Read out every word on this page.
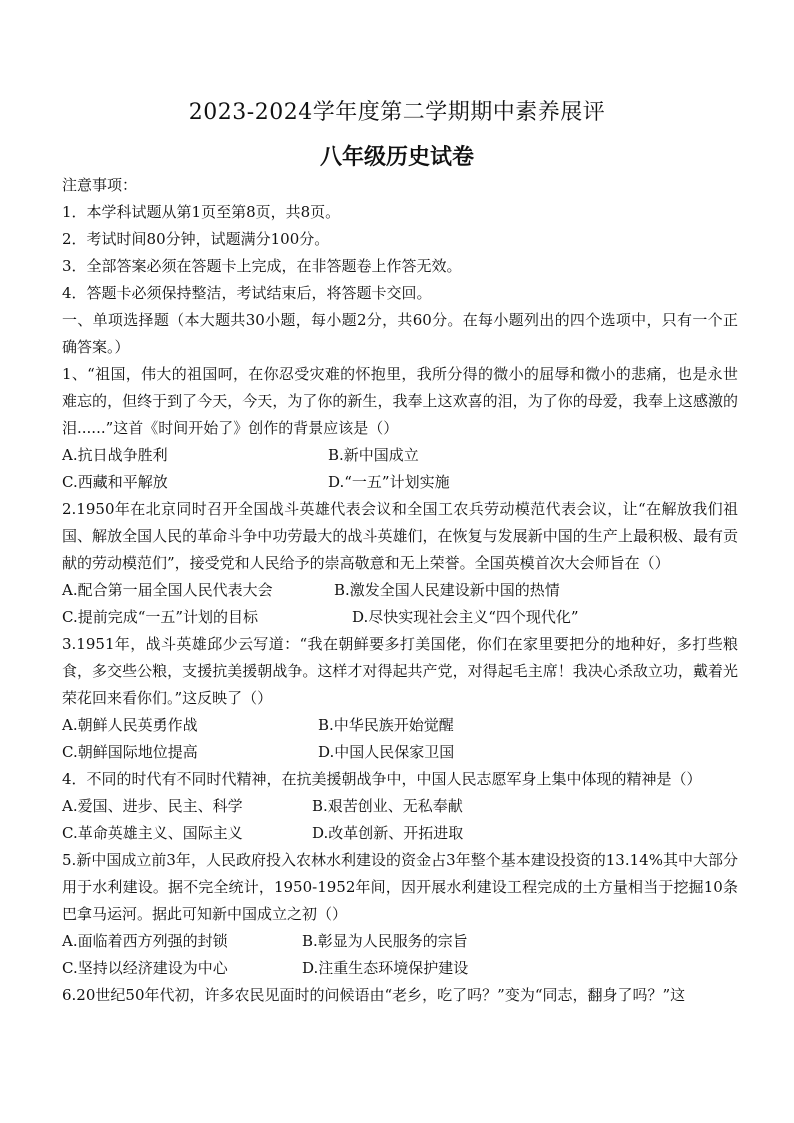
2023-2024学年度第二学期期中素养展评
八年级历史试卷
注意事项：
1．本学科试题从第1页至第8页，共8页。
2．考试时间80分钟，试题满分100分。
3．全部答案必须在答题卡上完成，在非答题卷上作答无效。
4．答题卡必须保持整洁，考试结束后，将答题卡交回。
一、单项选择题（本大题共30小题，每小题2分，共60分。在每小题列出的四个选项中，只有一个正确答案。）
1、“祖国，伟大的祖国呵，在你忍受灾难的怀抱里，我所分得的微小的屈辱和微小的悲痛，也是永世难忘的，但终于到了今天，今天，为了你的新生，我奉上这欢喜的泪，为了你的母爱，我奉上这感激的泪......”这首《时间开始了》创作的背景应该是（）
A.抗日战争胜利	B.新中国成立
C.西藏和平解放	D.“一五”计划实施
2.1950年在北京同时召开全国战斗英雄代表会议和全国工农兵劳动模范代表会议，让“在解放我们祖国、解放全国人民的革命斗争中功劳最大的战斗英雄们，在恢复与发展新中国的生产上最积极、最有贡献的劳动模范们”，接受党和人民给予的崇高敬意和无上荣誉。全国英模首次大会师旨在（）
A.配合第一届全国人民代表大会	B.激发全国人民建设新中国的热情
C.提前完成“一五”计划的目标	D.尽快实现社会主义“四个现代化”
3.1951年，战斗英雄邱少云写道：“我在朝鲜要多打美国佬，你们在家里要把分的地种好，多打些粮食，多交些公粮，支援抗美援朝战争。这样才对得起共产党，对得起毛主席！我决心杀敌立功，戴着光荣花回来看你们。”这反映了（）
A.朝鲜人民英勇作战	B.中华民族开始觉醒
C.朝鲜国际地位提高	D.中国人民保家卫国
4．不同的时代有不同时代精神，在抗美援朝战争中，中国人民志愿军身上集中体现的精神是（）
A.爱国、进步、民主、科学	B.艰苦创业、无私奉献
C.革命英雄主义、国际主义	D.改革创新、开拓进取
5.新中国成立前3年，人民政府投入农林水利建设的资金占3年整个基本建设投资的13.14%其中大部分用于水利建设。据不完全统计，1950-1952年间，因开展水利建设工程完成的土方量相当于挖掘10条巴拿马运河。据此可知新中国成立之初（）
A.面临着西方列强的封锁	B.彰显为人民服务的宗旨
C.坚持以经济建设为中心	D.注重生态环境保护建设
6.20世纪50年代初，许多农民见面时的问候语由“老乡，吃了吗？”变为“同志，翻身了吗？”这
